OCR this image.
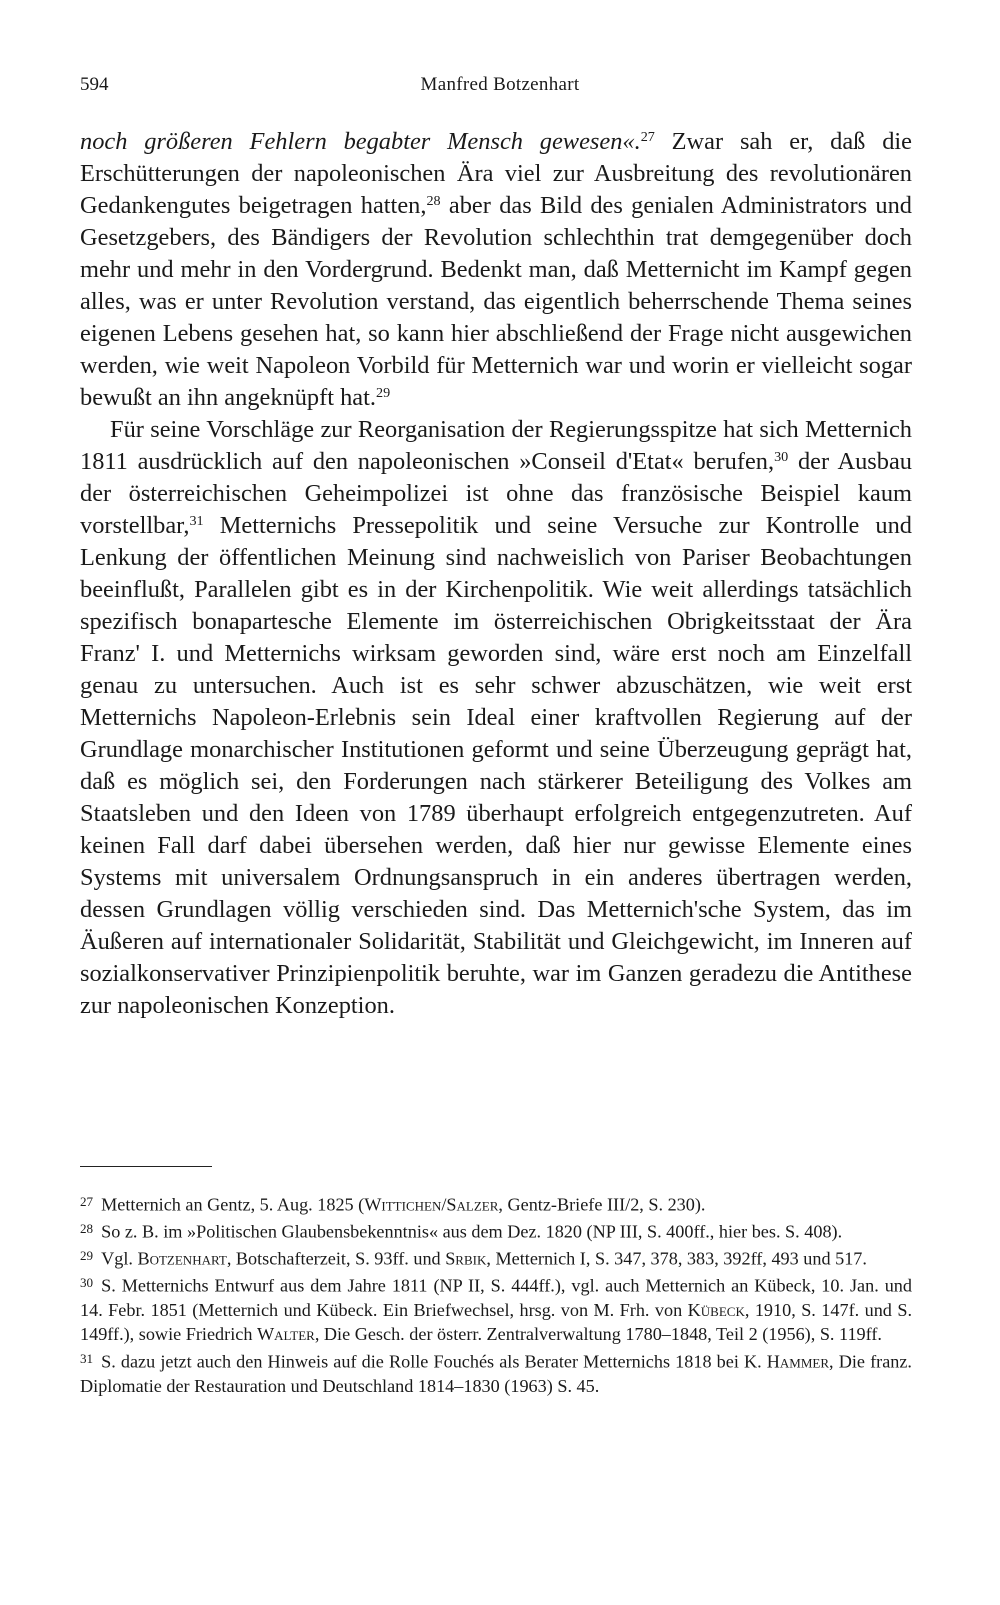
594	Manfred Botzenhart

noch größeren Fehlern begabter Mensch gewesen«.$^{27}$ Zwar sah er, daß die Erschütterungen der napoleonischen Ära viel zur Ausbreitung des revolutionären Gedankengutes beigetragen hatten,$^{28}$ aber das Bild des genialen Administrators und Gesetzgebers, des Bändigers der Revolution schlechthin trat demgegenüber doch mehr und mehr in den Vordergrund. Bedenkt man, daß Metternicht im Kampf gegen alles, was er unter Revolution verstand, das eigentlich beherrschende Thema seines eigenen Lebens gesehen hat, so kann hier abschließend der Frage nicht ausgewichen werden, wie weit Napoleon Vorbild für Metternich war und worin er vielleicht sogar bewußt an ihn angeknüpft hat.$^{29}$

Für seine Vorschläge zur Reorganisation der Regierungsspitze hat sich Metternich 1811 ausdrücklich auf den napoleonischen »Conseil d'Etat« berufen,$^{30}$ der Ausbau der österreichischen Geheimpolizei ist ohne das französische Beispiel kaum vorstellbar,$^{31}$ Metternichs Pressepolitik und seine Versuche zur Kontrolle und Lenkung der öffentlichen Meinung sind nachweislich von Pariser Beobachtungen beeinflußt, Parallelen gibt es in der Kirchenpolitik. Wie weit allerdings tatsächlich spezifisch bonapartesche Elemente im österreichischen Obrigkeitsstaat der Ära Franz' I. und Metternichs wirksam geworden sind, wäre erst noch am Einzelfall genau zu untersuchen. Auch ist es sehr schwer abzuschätzen, wie weit erst Metternichs Napoleon-Erlebnis sein Ideal einer kraftvollen Regierung auf der Grundlage monarchischer Institutionen geformt und seine Überzeugung geprägt hat, daß es möglich sei, den Forderungen nach stärkerer Beteiligung des Volkes am Staatsleben und den Ideen von 1789 überhaupt erfolgreich entgegenzutreten. Auf keinen Fall darf dabei übersehen werden, daß hier nur gewisse Elemente eines Systems mit universalem Ordnungsanspruch in ein anderes übertragen werden, dessen Grundlagen völlig verschieden sind. Das Metternich'sche System, das im Äußeren auf internationaler Solidarität, Stabilität und Gleichgewicht, im Inneren auf sozialkonservativer Prinzipienpolitik beruhte, war im Ganzen geradezu die Antithese zur napoleonischen Konzeption.

$^{27}$ Metternich an Gentz, 5. Aug. 1825 (Wittichen/Salzer, Gentz-Briefe III/2, S. 230).

$^{28}$ So z. B. im »Politischen Glaubensbekenntnis« aus dem Dez. 1820 (NP III, S. 400ff., hier bes. S. 408).

$^{29}$ Vgl. Botzenhart, Botschafterzeit, S. 93ff. und Srbik, Metternich I, S. 347, 378, 383, 392ff, 493 und 517.

$^{30}$ S. Metternichs Entwurf aus dem Jahre 1811 (NP II, S. 444ff.), vgl. auch Metternich an Kübeck, 10. Jan. und 14. Febr. 1851 (Metternich und Kübeck. Ein Briefwechsel, hrsg. von M. Frh. von Kübeck, 1910, S. 147f. und S. 149ff.), sowie Friedrich Walter, Die Gesch. der österr. Zentralverwaltung 1780–1848, Teil 2 (1956), S. 119ff.

$^{31}$ S. dazu jetzt auch den Hinweis auf die Rolle Fouchés als Berater Metternichs 1818 bei K. Hammer, Die franz. Diplomatie der Restauration und Deutschland 1814–1830 (1963) S. 45.
